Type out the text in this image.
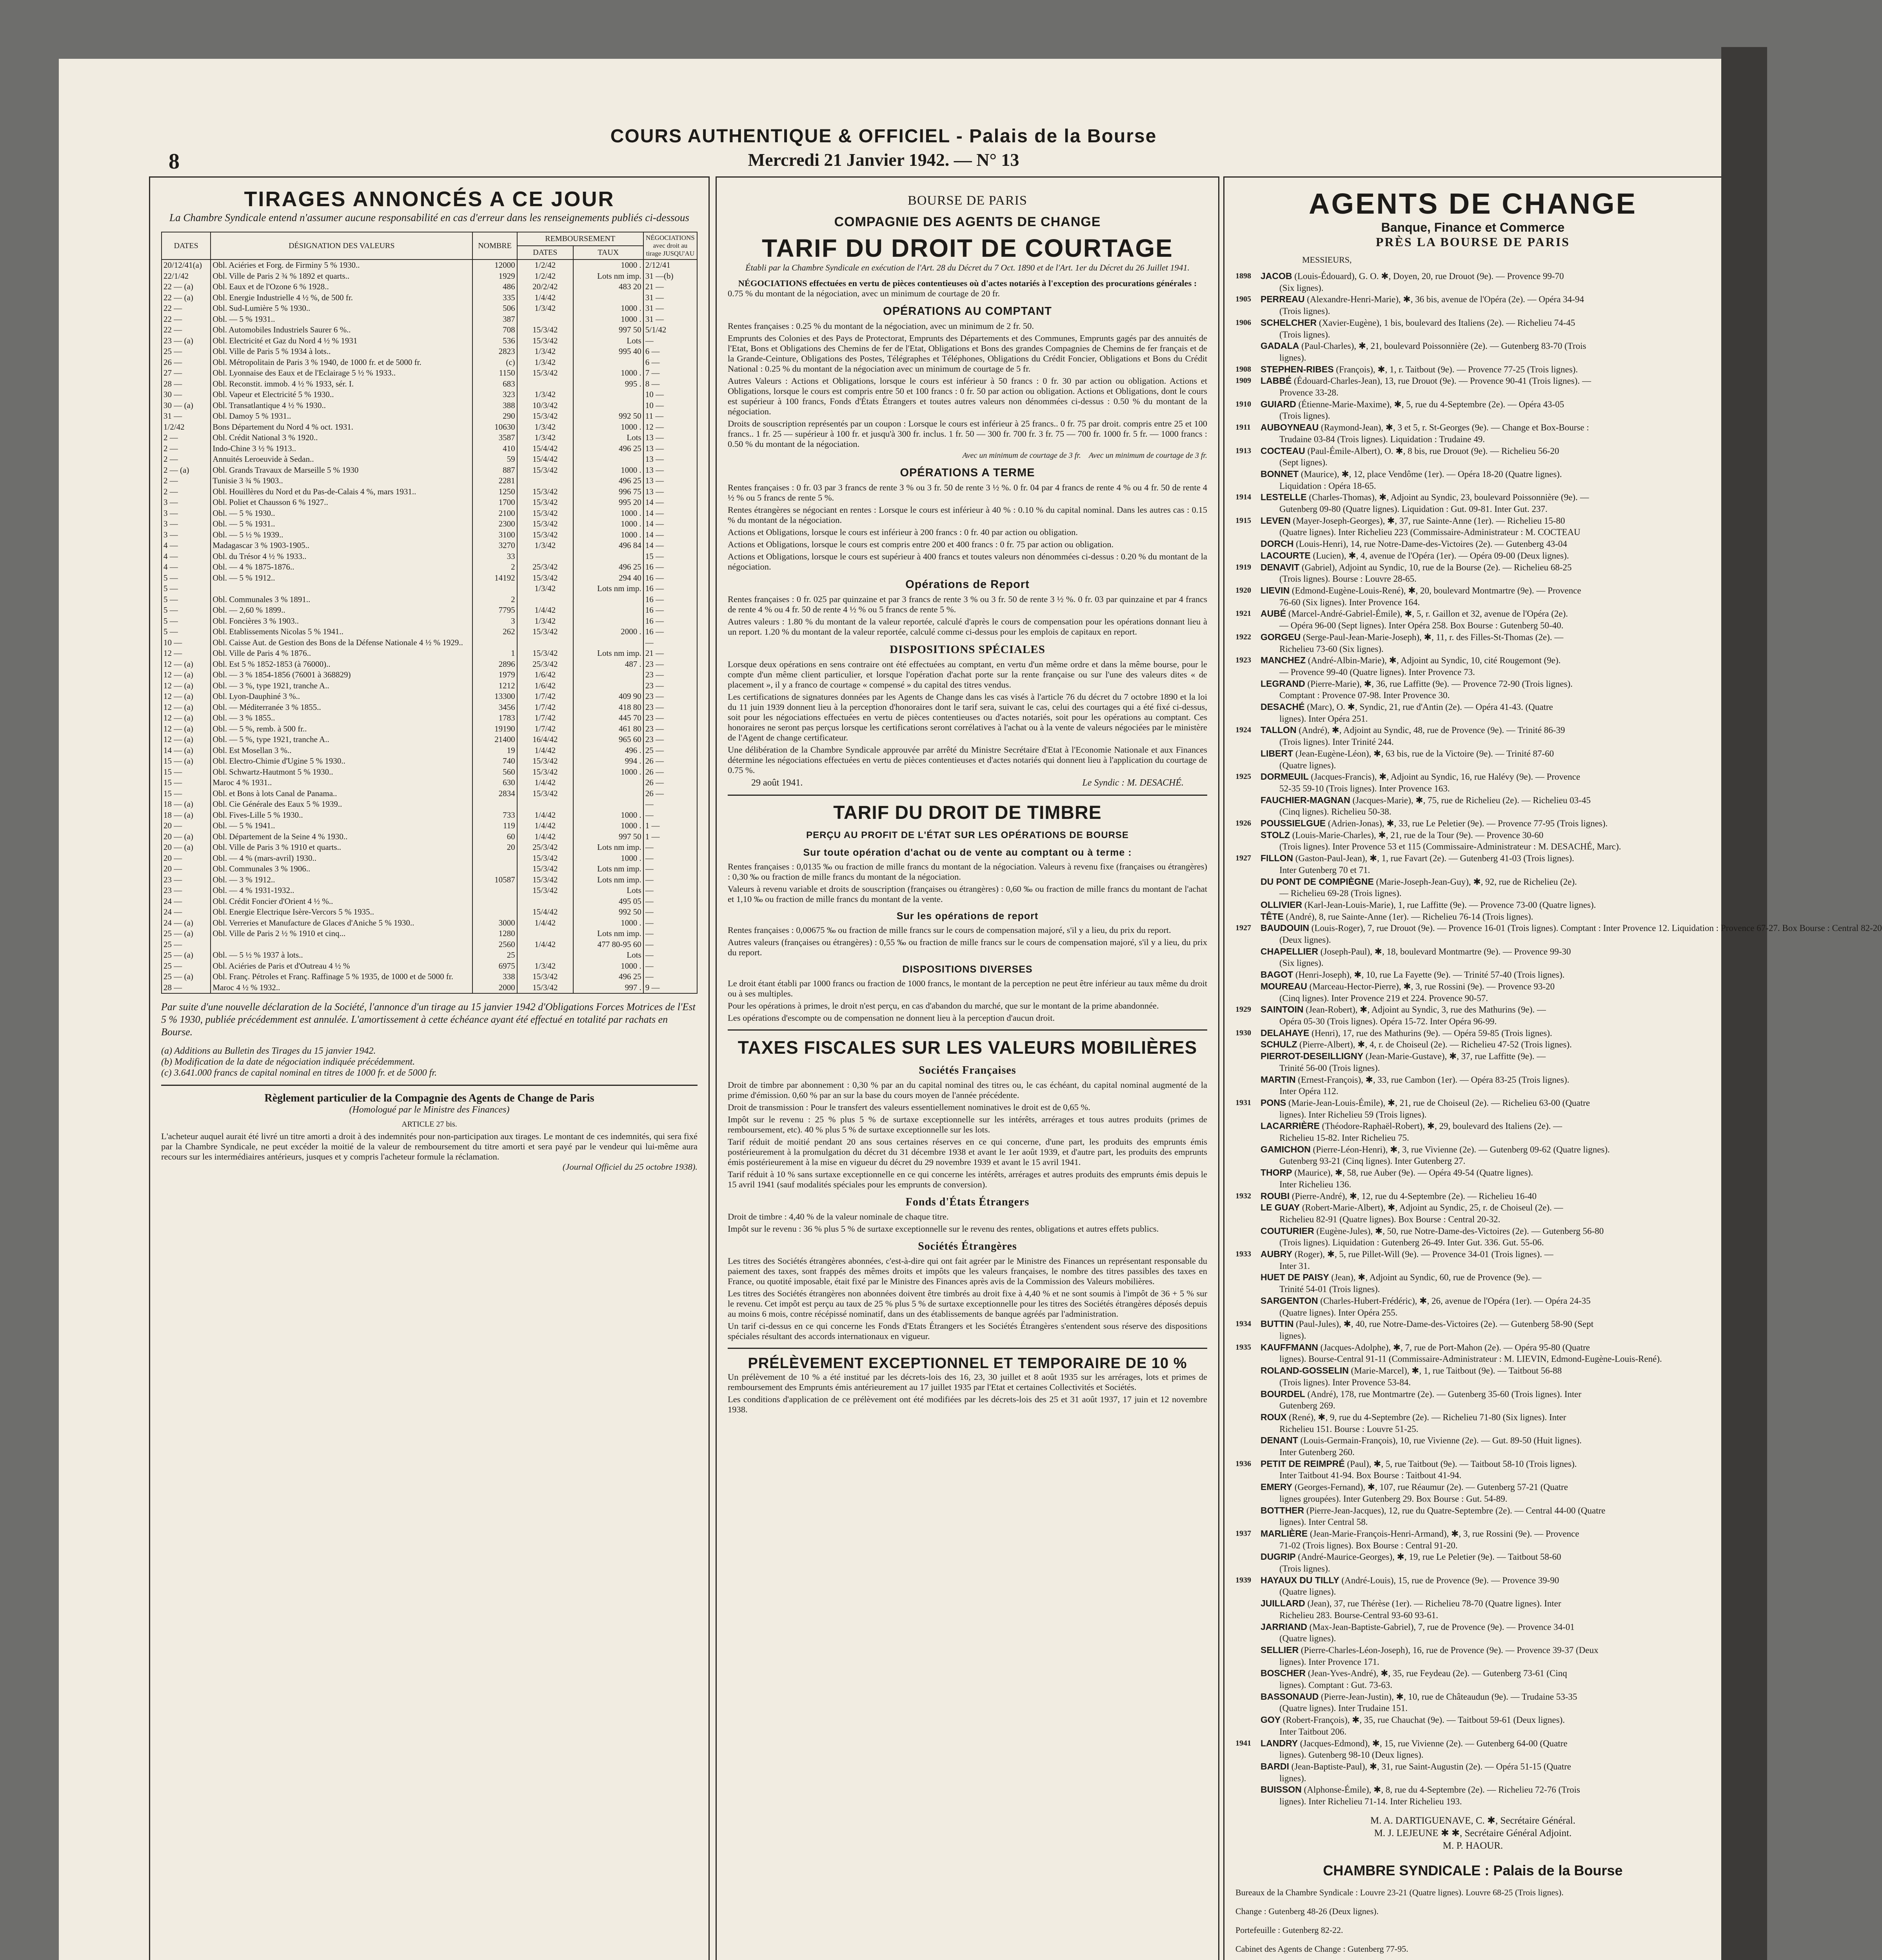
COURS AUTHENTIQUE & OFFICIEL - Palais de la Bourse
Mercredi 21 Janvier 1942. — N° 13
8
TIRAGES ANNONCÉS A CE JOUR
La Chambre Syndicale entend n'assumer aucune responsabilité en cas d'erreur dans les renseignements publiés ci-dessous
DATES	DÉSIGNATION DES VALEURS	NOMBRE	REMBOURSEMENT		NÉGOCIATIONS avec droit au tirage JUSQU'AU
			DATES	TAUX	
20/12/41(a)	Obl. Aciéries et Forg. de Firminy 5 % 1930..	12000	1/2/42	1000 .	2/12/41
22/1/42	Obl. Ville de Paris 2 ¾ % 1892 et quarts..	1929	1/2/42	Lots nm imp.	31 —(b)
22 — (a)	Obl. Eaux et de l'Ozone 6 % 1928..	486	20/2/42	483 20	21 —
22 — (a)	Obl. Energie Industrielle 4 ½ %, de 500 fr.	335	1/4/42		31 —
22 —	Obl. Sud-Lumière 5 % 1930..	506	1/3/42	1000 .	31 —
22 —	Obl. — 5 % 1931..	387		1000 .	31 —
22 —	Obl. Automobiles Industriels Saurer 6 %..	708	15/3/42	997 50	5/1/42
23 — (a)	Obl. Electricité et Gaz du Nord 4 ½ % 1931	536	15/3/42	Lots	—
25 —	Obl. Ville de Paris 5 % 1934 à lots..	2823	1/3/42	995 40	6 —
26 —	Obl. Métropolitain de Paris 3 % 1940, de 1000 fr. et de 5000 fr.	(c)	1/3/42		6 —
27 —	Obl. Lyonnaise des Eaux et de l'Eclairage 5 ½ % 1933..	1150	15/3/42	1000 .	7 —
28 —	Obl. Reconstit. immob. 4 ½ % 1933, sér. I.	683		995 .	8 —
30 —	Obl. Vapeur et Electricité 5 % 1930..	323	1/3/42		10 —
30 — (a)	Obl. Transatlantique 4 ½ % 1930..	388	10/3/42		10 —
31 —	Obl. Damoy 5 % 1931..	290	15/3/42	992 50	11 —
1/2/42	Bons Département du Nord 4 % oct. 1931.	10630	1/3/42	1000 .	12 —
2 —	Obl. Crédit National 3 % 1920..	3587	1/3/42	Lots	13 —
2 —	Indo-Chine 3 ½ % 1913..	410	15/4/42	496 25	13 —
2 —	Annuités Leroeuvide à Sedan..	59	15/4/42		13 —
2 — (a)	Obl. Grands Travaux de Marseille 5 % 1930	887	15/3/42	1000 .	13 —
2 —	Tunisie 3 ¾ % 1903..	2281		496 25	13 —
2 —	Obl. Houillères du Nord et du Pas-de-Calais 4 %, mars 1931..	1250	15/3/42	996 75	13 —
3 —	Obl. Poliet et Chausson 6 % 1927..	1700	15/3/42	995 20	14 —
3 —	Obl. — 5 % 1930..	2100	15/3/42	1000 .	14 —
3 —	Obl. — 5 % 1931..	2300	15/3/42	1000 .	14 —
3 —	Obl. — 5 ½ % 1939..	3100	15/3/42	1000 .	14 —
4 —	Madagascar 3 % 1903-1905..	3270	1/3/42	496 84	14 —
4 —	Obl. du Trésor 4 ½ % 1933..	33			15 —
4 —	Obl. — 4 % 1875-1876..	2	25/3/42	496 25	16 —
5 —	Obl. — 5 % 1912..	14192	15/3/42	294 40	16 —
5 —			1/3/42	Lots nm imp.	16 —
5 —	Obl. Communales 3 % 1891..	2			16 —
5 —	Obl. — 2,60 % 1899..	7795	1/4/42		16 —
5 —	Obl. Foncières 3 % 1903..	3	1/3/42		16 —
5 —	Obl. Etablissements Nicolas 5 % 1941..	262	15/3/42	2000 .	16 —
10 —	Obl. Caisse Aut. de Gestion des Bons de la Défense Nationale 4 ½ % 1929..				—
12 —	Obl. Ville de Paris 4 % 1876..	1	15/3/42	Lots nm imp.	21 —
12 — (a)	Obl. Est 5 % 1852-1853 (à 76000)..	2896	25/3/42	487 .	23 —
12 — (a)	Obl. — 3 % 1854-1856 (76001 à 368829)	1979	1/6/42		23 —
12 — (a)	Obl. — 3 %, type 1921, tranche A..	1212	1/6/42		23 —
12 — (a)	Obl. Lyon-Dauphiné 3 %..	13300	1/7/42	409 90	23 —
12 — (a)	Obl. — Méditerranée 3 % 1855..	3456	1/7/42	418 80	23 —
12 — (a)	Obl. — 3 % 1855..	1783	1/7/42	445 70	23 —
12 — (a)	Obl. — 5 %, remb. à 500 fr..	19190	1/7/42	461 80	23 —
12 — (a)	Obl. — 5 %, type 1921, tranche A..	21400	16/4/42	965 60	23 —
14 — (a)	Obl. Est Mosellan 3 %..	19	1/4/42	496 .	25 —
15 — (a)	Obl. Electro-Chimie d'Ugine 5 % 1930..	740	15/3/42	994 .	26 —
15 —	Obl. Schwartz-Hautmont 5 % 1930..	560	15/3/42	1000 .	26 —
15 —	Maroc 4 % 1931..	630	1/4/42		26 —
15 —	Obl. et Bons à lots Canal de Panama..	2834	15/3/42		26 —
18 — (a)	Obl. Cie Générale des Eaux 5 % 1939..				—
18 — (a)	Obl. Fives-Lille 5 % 1930..	733	1/4/42	1000 .	—
20 —	Obl. — 5 % 1941..	119	1/4/42	1000 .	1 —
20 — (a)	Obl. Département de la Seine 4 % 1930..	60	1/4/42	997 50	1 —
20 — (a)	Obl. Ville de Paris 3 % 1910 et quarts..	20	25/3/42	Lots nm imp.	—
20 —	Obl. — 4 % (mars-avril) 1930..		15/3/42	1000 .	—
20 —	Obl. Communales 3 % 1906..		15/3/42	Lots nm imp.	—
23 —	Obl. — 3 % 1912..	10587	15/3/42	Lots nm imp.	—
23 —	Obl. — 4 % 1931-1932..		15/3/42	Lots	—
24 —	Obl. Crédit Foncier d'Orient 4 ½ %..			495 05	—
24 —	Obl. Energie Electrique Isère-Vercors 5 % 1935..		15/4/42	992 50	—
24 — (a)	Obl. Verreries et Manufacture de Glaces d'Aniche 5 % 1930..	3000	1/4/42	1000 .	—
25 — (a)	Obl. Ville de Paris 2 ½ % 1910 et cinq...	1280		Lots nm imp.	—
25 —		2560	1/4/42	477 80-95 60	—
25 — (a)	Obl. — 5 ½ % 1937 à lots..	25		Lots	—
25 —	Obl. Aciéries de Paris et d'Outreau 4 ½ %	6975	1/3/42	1000 .	—
25 — (a)	Obl. Franç. Pétroles et Franç. Raffinage 5 % 1935, de 1000 et de 5000 fr.	338	15/3/42	496 25	—
28 —	Maroc 4 ½ % 1932..	2000	15/3/42	997 .	9 —
Par suite d'une nouvelle déclaration de la Société, l'annonce d'un tirage au 15 janvier 1942 d'Obligations Forces Motrices de l'Est 5 % 1930, publiée précédemment est annulée. L'amortissement à cette échéance ayant été effectué en totalité par rachats en Bourse.
(a) Additions au Bulletin des Tirages du 15 janvier 1942.
(b) Modification de la date de négociation indiquée précédemment.
(c) 3.641.000 francs de capital nominal en titres de 1000 fr. et de 5000 fr.
Règlement particulier de la Compagnie des Agents de Change de Paris
(Homologué par le Ministre des Finances)
ARTICLE 27 bis.
L'acheteur auquel aurait été livré un titre amorti a droit à des indemnités pour non-participation aux tirages. Le montant de ces indemnités, qui sera fixé par la Chambre Syndicale, ne peut excéder la moitié de la valeur de remboursement du titre amorti et sera payé par le vendeur qui lui-même aura recours sur les intermédiaires antérieurs, jusques et y compris l'acheteur formule la réclamation.
(Journal Officiel du 25 octobre 1938).
BOURSE DE PARIS
COMPAGNIE DES AGENTS DE CHANGE
TARIF DU DROIT DE COURTAGE
Établi par la Chambre Syndicale en exécution de l'Art. 28 du Décret du 7 Oct. 1890 et de l'Art. 1er du Décret du 26 Juillet 1941.
NÉGOCIATIONS effectuées en vertu de pièces contentieuses où d'actes notariés à l'exception des procurations générales :
0.75 % du montant de la négociation, avec un minimum de courtage de 20 fr.
OPÉRATIONS AU COMPTANT

Rentes françaises : 0.25 % du montant de la négociation, avec un minimum de 2 fr. 50.

Emprunts des Colonies et des Pays de Protectorat, Emprunts des Départements et des Communes, Emprunts gagés par des annuités de l'Etat, Bons et Obligations des Chemins de fer de l'Etat, Obligations et Bons des grandes Compagnies de Chemins de fer français et de la Grande-Ceinture, Obligations des Postes, Télégraphes et Téléphones, Obligations du Crédit Foncier, Obligations et Bons du Crédit National : 0.25 % du montant de la négociation avec un minimum de courtage de 5 fr.

Autres Valeurs : Actions et Obligations, lorsque le cours est inférieur à 50 francs : 0 fr. 30 par action ou obligation. Actions et Obligations, lorsque le cours est compris entre 50 et 100 francs : 0 fr. 50 par action ou obligation. Actions et Obligations, dont le cours est supérieur à 100 francs, Fonds d'États Étrangers et toutes autres valeurs non dénommées ci-dessus : 0.50 % du montant de la négociation.

Droits de souscription représentés par un coupon : Lorsque le cours est inférieur à 25 francs.. 0 fr. 75 par droit. compris entre 25 et 100 francs.. 1 fr. 25 — supérieur à 100 fr. et jusqu'à 300 fr. inclus. 1 fr. 50 — 300 fr. 700 fr. 3 fr. 75 — 700 fr. 1000 fr. 5 fr. — 1000 francs : 0.50 % du montant de la négociation.

Avec un minimum de courtage de 3 fr. Avec un minimum de courtage de 3 fr.
OPÉRATIONS A TERME

Rentes françaises : 0 fr. 03 par 3 francs de rente 3 % ou 3 fr. 50 de rente 3 ½ %. 0 fr. 04 par 4 francs de rente 4 % ou 4 fr. 50 de rente 4 ½ % ou 5 francs de rente 5 %.

Rentes étrangères se négociant en rentes : Lorsque le cours est inférieur à 40 % : 0.10 % du capital nominal. Dans les autres cas : 0.15 % du montant de la négociation.

Actions et Obligations, lorsque le cours est inférieur à 200 francs : 0 fr. 40 par action ou obligation.

Actions et Obligations, lorsque le cours est compris entre 200 et 400 francs : 0 fr. 75 par action ou obligation.

Actions et Obligations, lorsque le cours est supérieur à 400 francs et toutes valeurs non dénommées ci-dessus : 0.20 % du montant de la négociation.

Opérations de Report

Rentes françaises : 0 fr. 025 par quinzaine et par 3 francs de rente 3 % ou 3 fr. 50 de rente 3 ½ %. 0 fr. 03 par quinzaine et par 4 francs de rente 4 % ou 4 fr. 50 de rente 4 ½ % ou 5 francs de rente 5 %.

Autres valeurs : 1.80 % du montant de la valeur reportée, calculé d'après le cours de compensation pour les opérations donnant lieu à un report. 1.20 % du montant de la valeur reportée, calculé comme ci-dessus pour les emplois de capitaux en report.

DISPOSITIONS SPÉCIALES

Lorsque deux opérations en sens contraire ont été effectuées au comptant, en vertu d'un même ordre et dans la même bourse, pour le compte d'un même client particulier, et lorsque l'opération d'achat porte sur la rente française ou sur l'une des valeurs dites « de placement », il y a franco de courtage « compensé » du capital des titres vendus.

Les certifications de signatures données par les Agents de Change dans les cas visés à l'article 76 du décret du 7 octobre 1890 et la loi du 11 juin 1939 donnent lieu à la perception d'honoraires dont le tarif sera, suivant le cas, celui des courtages qui a été fixé ci-dessus, soit pour les négociations effectuées en vertu de pièces contentieuses ou d'actes notariés, soit pour les opérations au comptant. Ces honoraires ne seront pas perçus lorsque les certifications seront corrélatives à l'achat ou à la vente de valeurs négociées par le ministère de l'Agent de change certificateur.

Une délibération de la Chambre Syndicale approuvée par arrêté du Ministre Secrétaire d'Etat à l'Economie Nationale et aux Finances détermine les négociations effectuées en vertu de pièces contentieuses et d'actes notariés qui donnent lieu à l'application du courtage de 0.75 %.

29 août 1941.	Le Syndic : M. DESACHÉ.
TARIF DU DROIT DE TIMBRE
PERÇU AU PROFIT DE L'ÉTAT SUR LES OPÉRATIONS DE BOURSE
Sur toute opération d'achat ou de vente au comptant ou à terme :

Rentes françaises : 0,0135 ‰ ou fraction de mille francs du montant de la négociation. Valeurs à revenu fixe (françaises ou étrangères) : 0,30 ‰ ou fraction de mille francs du montant de la négociation.

Valeurs à revenu variable et droits de souscription (françaises ou étrangères) : 0,60 ‰ ou fraction de mille francs du montant de l'achat et 1,10 ‰ ou fraction de mille francs du montant de la vente.

Sur les opérations de report

Rentes françaises : 0,00675 ‰ ou fraction de mille francs sur le cours de compensation majoré, s'il y a lieu, du prix du report.

Autres valeurs (françaises ou étrangères) : 0,55 ‰ ou fraction de mille francs sur le cours de compensation majoré, s'il y a lieu, du prix du report.

DISPOSITIONS DIVERSES

Le droit étant établi par 1000 francs ou fraction de 1000 francs, le montant de la perception ne peut être inférieur au taux même du droit ou à ses multiples.

Pour les opérations à primes, le droit n'est perçu, en cas d'abandon du marché, que sur le montant de la prime abandonnée.

Les opérations d'escompte ou de compensation ne donnent lieu à la perception d'aucun droit.

TAXES FISCALES SUR LES VALEURS MOBILIÈRES
Sociétés Françaises

Droit de timbre par abonnement : 0,30 % par an du capital nominal des titres ou, le cas échéant, du capital nominal augmenté de la prime d'émission. 0,60 % par an sur la base du cours moyen de l'année précédente.

Droit de transmission : Pour le transfert des valeurs essentiellement nominatives le droit est de 0,65 %.

Impôt sur le revenu : 25 % plus 5 % de surtaxe exceptionnelle sur les intérêts, arrérages et tous autres produits (primes de remboursement, etc). 40 % plus 5 % de surtaxe exceptionnelle sur les lots.

Tarif réduit de moitié pendant 20 ans sous certaines réserves en ce qui concerne, d'une part, les produits des emprunts émis postérieurement à la promulgation du décret du 31 décembre 1938 et avant le 1er août 1939, et d'autre part, les produits des emprunts émis postérieurement à la mise en vigueur du décret du 29 novembre 1939 et avant le 15 avril 1941.

Tarif réduit à 10 % sans surtaxe exceptionnelle en ce qui concerne les intérêts, arrérages et autres produits des emprunts émis depuis le 15 avril 1941 (sauf modalités spéciales pour les emprunts de conversion).

Fonds d'États Étrangers

Droit de timbre : 4,40 % de la valeur nominale de chaque titre.

Impôt sur le revenu : 36 % plus 5 % de surtaxe exceptionnelle sur le revenu des rentes, obligations et autres effets publics.

Sociétés Étrangères

Les titres des Sociétés étrangères abonnées, c'est-à-dire qui ont fait agréer par le Ministre des Finances un représentant responsable du paiement des taxes, sont frappés des mêmes droits et impôts que les valeurs françaises, le nombre des titres passibles des taxes en France, ou quotité imposable, était fixé par le Ministre des Finances après avis de la Commission des Valeurs mobilières.

Les titres des Sociétés étrangères non abonnées doivent être timbrés au droit fixe à 4,40 % et ne sont soumis à l'impôt de 36 + 5 % sur le revenu. Cet impôt est perçu au taux de 25 % plus 5 % de surtaxe exceptionnelle pour les titres des Sociétés étrangères déposés depuis au moins 6 mois, contre récépissé nominatif, dans un des établissements de banque agréés par l'administration.

Un tarif ci-dessus en ce qui concerne les Fonds d'Etats Étrangers et les Sociétés Étrangères s'entendent sous réserve des dispositions spéciales résultant des accords internationaux en vigueur.

PRÉLÈVEMENT EXCEPTIONNEL ET TEMPORAIRE DE 10 %

Un prélèvement de 10 % a été institué par les décrets-lois des 16, 23, 30 juillet et 8 août 1935 sur les arrérages, lots et primes de remboursement des Emprunts émis antérieurement au 17 juillet 1935 par l'Etat et certaines Collectivités et Sociétés.

Les conditions d'application de ce prélèvement ont été modifiées par les décrets-lois des 25 et 31 août 1937, 17 juin et 12 novembre 1938.

AGENTS DE CHANGE
Banque, Finance et Commerce
PRÈS LA BOURSE DE PARIS
MESSIEURS,
1898	JACOB (Louis-Édouard), G. O. ✱, Doyen, 20, rue Drouot (9e). — Provence 99-70
(Six lignes).
1905	PERREAU (Alexandre-Henri-Marie), ✱, 36 bis, avenue de l'Opéra (2e). — Opéra 34-94
(Trois lignes).
1906	SCHELCHER (Xavier-Eugène), 1 bis, boulevard des Italiens (2e). — Richelieu 74-45
(Trois lignes).
GADALA (Paul-Charles), ✱, 21, boulevard Poissonnière (2e). — Gutenberg 83-70 (Trois
lignes).
1908	STEPHEN-RIBES (François), ✱, 1, r. Taitbout (9e). — Provence 77-25 (Trois lignes).
1909	LABBÉ (Édouard-Charles-Jean), 13, rue Drouot (9e). — Provence 90-41 (Trois lignes). —
Provence 33-28.
1910	GUIARD (Étienne-Marie-Maxime), ✱, 5, rue du 4-Septembre (2e). — Opéra 43-05
(Trois lignes).
1911	AUBOYNEAU (Raymond-Jean), ✱, 3 et 5, r. St-Georges (9e). — Change et Box-Bourse :
Trudaine 03-84 (Trois lignes). Liquidation : Trudaine 49.
1913	COCTEAU (Paul-Émile-Albert), O. ✱, 8 bis, rue Drouot (9e). — Richelieu 56-20
(Sept lignes).
BONNET (Maurice), ✱, 12, place Vendôme (1er). — Opéra 18-20 (Quatre lignes).
Liquidation : Opéra 18-65.
1914	LESTELLE (Charles-Thomas), ✱, Adjoint au Syndic, 23, boulevard Poissonnière (9e). —
Gutenberg 09-80 (Quatre lignes). Liquidation : Gut. 09-81. Inter Gut. 237.
1915	LEVEN (Mayer-Joseph-Georges), ✱, 37, rue Sainte-Anne (1er). — Richelieu 15-80
(Quatre lignes). Inter Richelieu 223 (Commissaire-Administrateur : M. COCTEAU
DORCH (Louis-Henri), 14, rue Notre-Dame-des-Victoires (2e). — Gutenberg 43-04
LACOURTE (Lucien), ✱, 4, avenue de l'Opéra (1er). — Opéra 09-00 (Deux lignes).
1919	DENAVIT (Gabriel), Adjoint au Syndic, 10, rue de la Bourse (2e). — Richelieu 68-25
(Trois lignes). Bourse : Louvre 28-65.
1920	LIEVIN (Edmond-Eugène-Louis-René), ✱, 20, boulevard Montmartre (9e). — Provence
76-60 (Six lignes). Inter Provence 164.
1921	AUBÉ (Marcel-André-Gabriel-Émile), ✱, 5, r. Gaillon et 32, avenue de l'Opéra (2e).
— Opéra 96-00 (Sept lignes). Inter Opéra 258. Box Bourse : Gutenberg 50-40.
1922	GORGEU (Serge-Paul-Jean-Marie-Joseph), ✱, 11, r. des Filles-St-Thomas (2e). —
Richelieu 73-60 (Six lignes).
1923	MANCHEZ (André-Albin-Marie), ✱, Adjoint au Syndic, 10, cité Rougemont (9e).
— Provence 99-40 (Quatre lignes). Inter Provence 73.
LEGRAND (Pierre-Marie), ✱, 36, rue Laffitte (9e). — Provence 72-90 (Trois lignes).
Comptant : Provence 07-98. Inter Provence 30.
DESACHÉ (Marc), O. ✱, Syndic, 21, rue d'Antin (2e). — Opéra 41-43. (Quatre
lignes). Inter Opéra 251.
1924	TALLON (André), ✱, Adjoint au Syndic, 48, rue de Provence (9e). — Trinité 86-39
(Trois lignes). Inter Trinité 244.
LIBERT (Jean-Eugène-Léon), ✱, 63 bis, rue de la Victoire (9e). — Trinité 87-60
(Quatre lignes).
1925	DORMEUIL (Jacques-Francis), ✱, Adjoint au Syndic, 16, rue Halévy (9e). — Provence
52-35 59-10 (Trois lignes). Inter Provence 163.
FAUCHIER-MAGNAN (Jacques-Marie), ✱, 75, rue de Richelieu (2e). — Richelieu 03-45
(Cinq lignes). Richelieu 50-38.
1926	POUSSIELGUE (Adrien-Jonas), ✱, 33, rue Le Peletier (9e). — Provence 77-95 (Trois lignes).
STOLZ (Louis-Marie-Charles), ✱, 21, rue de la Tour (9e). — Provence 30-60
(Trois lignes). Inter Provence 53 et 115 (Commissaire-Administrateur : M. DESACHÉ, Marc).
1927	FILLON (Gaston-Paul-Jean), ✱, 1, rue Favart (2e). — Gutenberg 41-03 (Trois lignes).
Inter Gutenberg 70 et 71.
DU PONT DE COMPIÈGNE (Marie-Joseph-Jean-Guy), ✱, 92, rue de Richelieu (2e).
— Richelieu 69-28 (Trois lignes).
OLLIVIER (Karl-Jean-Louis-Marie), 1, rue Laffitte (9e). — Provence 73-00 (Quatre lignes).
TÊTE (André), 8, rue Sainte-Anne (1er). — Richelieu 76-14 (Trois lignes).
1927	BAUDOUIN (Louis-Roger), 7, rue Drouot (9e). — Provence 16-01 (Trois lignes). Comptant : Inter Provence 12. Liquidation : Provence 67-27. Box Bourse : Central 82-20
(Deux lignes).
CHAPELLIER (Joseph-Paul), ✱, 18, boulevard Montmartre (9e). — Provence 99-30
(Six lignes).
BAGOT (Henri-Joseph), ✱, 10, rue La Fayette (9e). — Trinité 57-40 (Trois lignes).
MOUREAU (Marceau-Hector-Pierre), ✱, 3, rue Rossini (9e). — Provence 93-20
(Cinq lignes). Inter Provence 219 et 224. Provence 90-57.
1929	SAINTOIN (Jean-Robert), ✱, Adjoint au Syndic, 3, rue des Mathurins (9e). —
Opéra 05-30 (Trois lignes). Opéra 15-72. Inter Opéra 96-99.
1930	DELAHAYE (Henri), 17, rue des Mathurins (9e). — Opéra 59-85 (Trois lignes).
SCHULZ (Pierre-Albert), ✱, 4, r. de Choiseul (2e). — Richelieu 47-52 (Trois lignes).
PIERROT-DESEILLIGNY (Jean-Marie-Gustave), ✱, 37, rue Laffitte (9e). —
Trinité 56-00 (Trois lignes).
MARTIN (Ernest-François), ✱, 33, rue Cambon (1er). — Opéra 83-25 (Trois lignes).
Inter Opéra 112.
1931	PONS (Marie-Jean-Louis-Émile), ✱, 21, rue de Choiseul (2e). — Richelieu 63-00 (Quatre
lignes). Inter Richelieu 59 (Trois lignes).
LACARRIÈRE (Théodore-Raphaël-Robert), ✱, 29, boulevard des Italiens (2e). —
Richelieu 15-82. Inter Richelieu 75.
GAMICHON (Pierre-Léon-Henri), ✱, 3, rue Vivienne (2e). — Gutenberg 09-62 (Quatre lignes).
Gutenberg 93-21 (Cinq lignes). Inter Gutenberg 27.
THORP (Maurice), ✱, 58, rue Auber (9e). — Opéra 49-54 (Quatre lignes).
Inter Richelieu 136.
1932	ROUBI (Pierre-André), ✱, 12, rue du 4-Septembre (2e). — Richelieu 16-40
LE GUAY (Robert-Marie-Albert), ✱, Adjoint au Syndic, 25, r. de Choiseul (2e). —
Richelieu 82-91 (Quatre lignes). Box Bourse : Central 20-32.
COUTURIER (Eugène-Jules), ✱, 50, rue Notre-Dame-des-Victoires (2e). — Gutenberg 56-80
(Trois lignes). Liquidation : Gutenberg 26-49. Inter Gut. 336. Gut. 55-06.
1933	AUBRY (Roger), ✱, 5, rue Pillet-Will (9e). — Provence 34-01 (Trois lignes). —
Inter 31.
HUET DE PAISY (Jean), ✱, Adjoint au Syndic, 60, rue de Provence (9e). —
Trinité 54-01 (Trois lignes).
SARGENTON (Charles-Hubert-Frédéric), ✱, 26, avenue de l'Opéra (1er). — Opéra 24-35
(Quatre lignes). Inter Opéra 255.
1934	BUTTIN (Paul-Jules), ✱, 40, rue Notre-Dame-des-Victoires (2e). — Gutenberg 58-90 (Sept
lignes).
1935	KAUFFMANN (Jacques-Adolphe), ✱, 7, rue de Port-Mahon (2e). — Opéra 95-80 (Quatre
lignes). Bourse-Central 91-11 (Commissaire-Administrateur : M. LIEVIN, Edmond-Eugène-Louis-René).
ROLAND-GOSSELIN (Marie-Marcel), ✱, 1, rue Taitbout (9e). — Taitbout 56-88
(Trois lignes). Inter Provence 53-84.
BOURDEL (André), 178, rue Montmartre (2e). — Gutenberg 35-60 (Trois lignes). Inter
Gutenberg 269.
ROUX (René), ✱, 9, rue du 4-Septembre (2e). — Richelieu 71-80 (Six lignes). Inter
Richelieu 151. Bourse : Louvre 51-25.
DENANT (Louis-Germain-François), 10, rue Vivienne (2e). — Gut. 89-50 (Huit lignes).
Inter Gutenberg 260.
1936	PETIT DE REIMPRÉ (Paul), ✱, 5, rue Taitbout (9e). — Taitbout 58-10 (Trois lignes).
Inter Taitbout 41-94. Box Bourse : Taitbout 41-94.
EMERY (Georges-Fernand), ✱, 107, rue Réaumur (2e). — Gutenberg 57-21 (Quatre
lignes groupées). Inter Gutenberg 29. Box Bourse : Gut. 54-89.
BOTTHER (Pierre-Jean-Jacques), 12, rue du Quatre-Septembre (2e). — Central 44-00 (Quatre
lignes). Inter Central 58.
1937	MARLIÈRE (Jean-Marie-François-Henri-Armand), ✱, 3, rue Rossini (9e). — Provence
71-02 (Trois lignes). Box Bourse : Central 91-20.
DUGRIP (André-Maurice-Georges), ✱, 19, rue Le Peletier (9e). — Taitbout 58-60
(Trois lignes).
1939	HAYAUX DU TILLY (André-Louis), 15, rue de Provence (9e). — Provence 39-90
(Quatre lignes).
JUILLARD (Jean), 37, rue Thérèse (1er). — Richelieu 78-70 (Quatre lignes). Inter
Richelieu 283. Bourse-Central 93-60 93-61.
JARRIAND (Max-Jean-Baptiste-Gabriel), 7, rue de Provence (9e). — Provence 34-01
(Quatre lignes).
SELLIER (Pierre-Charles-Léon-Joseph), 16, rue de Provence (9e). — Provence 39-37 (Deux
lignes). Inter Provence 171.
BOSCHER (Jean-Yves-André), ✱, 35, rue Feydeau (2e). — Gutenberg 73-61 (Cinq
lignes). Comptant : Gut. 73-63.
BASSONAUD (Pierre-Jean-Justin), ✱, 10, rue de Châteaudun (9e). — Trudaine 53-35
(Quatre lignes). Inter Trudaine 151.
GOY (Robert-François), ✱, 35, rue Chauchat (9e). — Taitbout 59-61 (Deux lignes).
Inter Taitbout 206.
1941	LANDRY (Jacques-Edmond), ✱, 15, rue Vivienne (2e). — Gutenberg 64-00 (Quatre
lignes). Gutenberg 98-10 (Deux lignes).
BARDI (Jean-Baptiste-Paul), ✱, 31, rue Saint-Augustin (2e). — Opéra 51-15 (Quatre
lignes).
BUISSON (Alphonse-Émile), ✱, 8, rue du 4-Septembre (2e). — Richelieu 72-76 (Trois
lignes). Inter Richelieu 71-14. Inter Richelieu 193.
M. A. DARTIGUENAVE, C. ✱, Secrétaire Général.
M. J. LEJEUNE ✱ ✱, Secrétaire Général Adjoint.
M. P. HAOUR.
CHAMBRE SYNDICALE : Palais de la Bourse

Bureaux de la Chambre Syndicale : Louvre 23-21 (Quatre lignes). Louvre 68-25 (Trois lignes).

Change : Gutenberg 48-26 (Deux lignes).

Portefeuille : Gutenberg 82-22.

Cabinet des Agents de Change : Gutenberg 77-95.
